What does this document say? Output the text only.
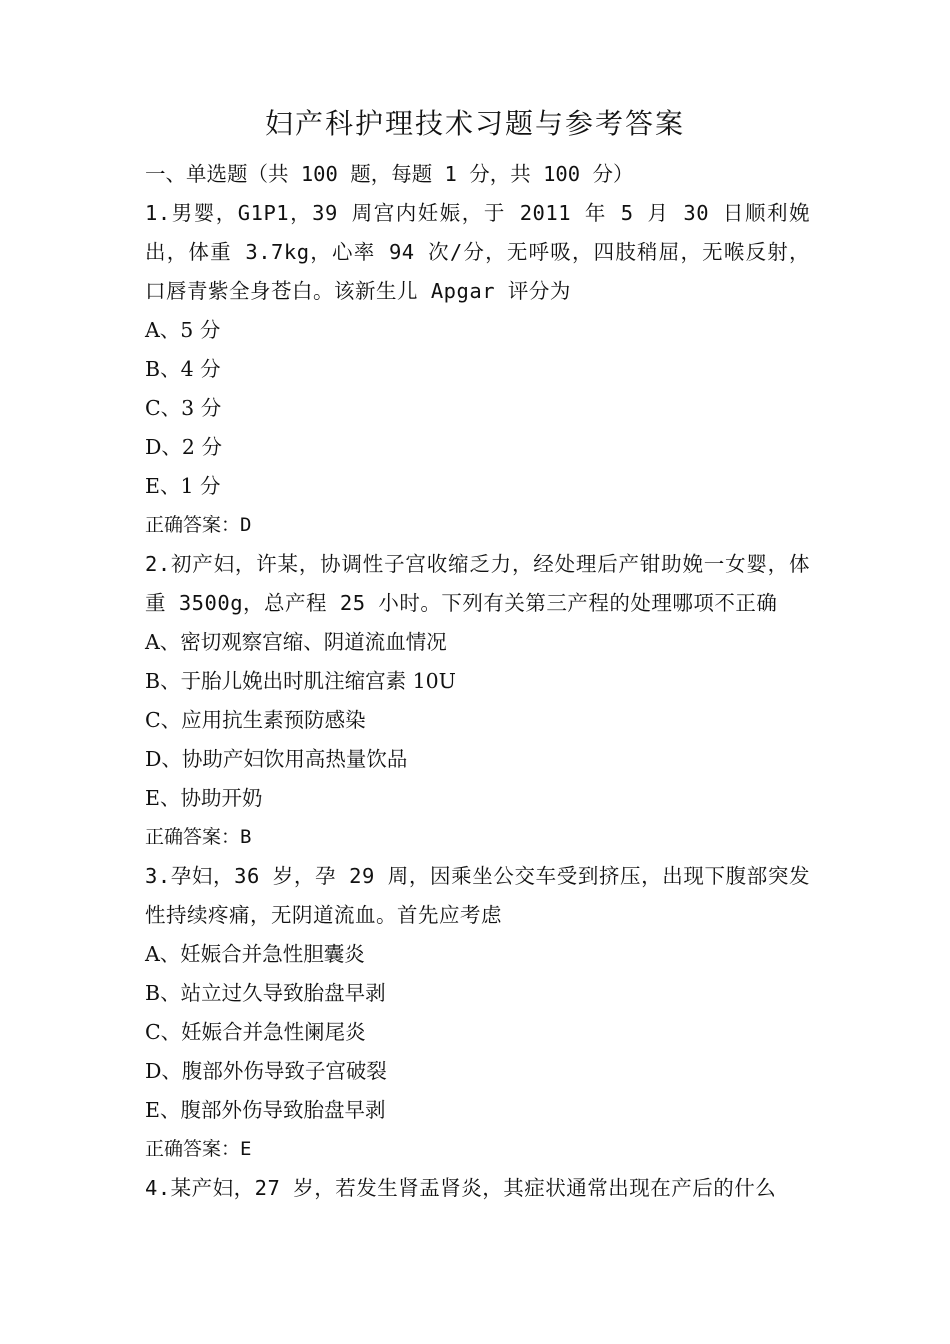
妇产科护理技术习题与参考答案
一、单选题（共 100 题，每题 1 分，共 100 分）
1.男婴，G1P1，39 周宫内妊娠，于 2011 年 5 月 30 日顺利娩出，体重 3.7kg，心率 94 次/分，无呼吸，四肢稍屈，无喉反射，口唇青紫全身苍白。该新生儿 Apgar 评分为
A、5 分
B、4 分
C、3 分
D、2 分
E、1 分
正确答案：D
2.初产妇，许某，协调性子宫收缩乏力，经处理后产钳助娩一女婴，体重 3500g，总产程 25 小时。下列有关第三产程的处理哪项不正确
A、密切观察宫缩、阴道流血情况
B、于胎儿娩出时肌注缩宫素 10U
C、应用抗生素预防感染
D、协助产妇饮用高热量饮品
E、协助开奶
正确答案：B
3.孕妇，36 岁，孕 29 周，因乘坐公交车受到挤压，出现下腹部突发性持续疼痛，无阴道流血。首先应考虑
A、妊娠合并急性胆囊炎
B、站立过久导致胎盘早剥
C、妊娠合并急性阑尾炎
D、腹部外伤导致子宫破裂
E、腹部外伤导致胎盘早剥
正确答案：E
4.某产妇，27 岁，若发生肾盂肾炎，其症状通常出现在产后的什么
